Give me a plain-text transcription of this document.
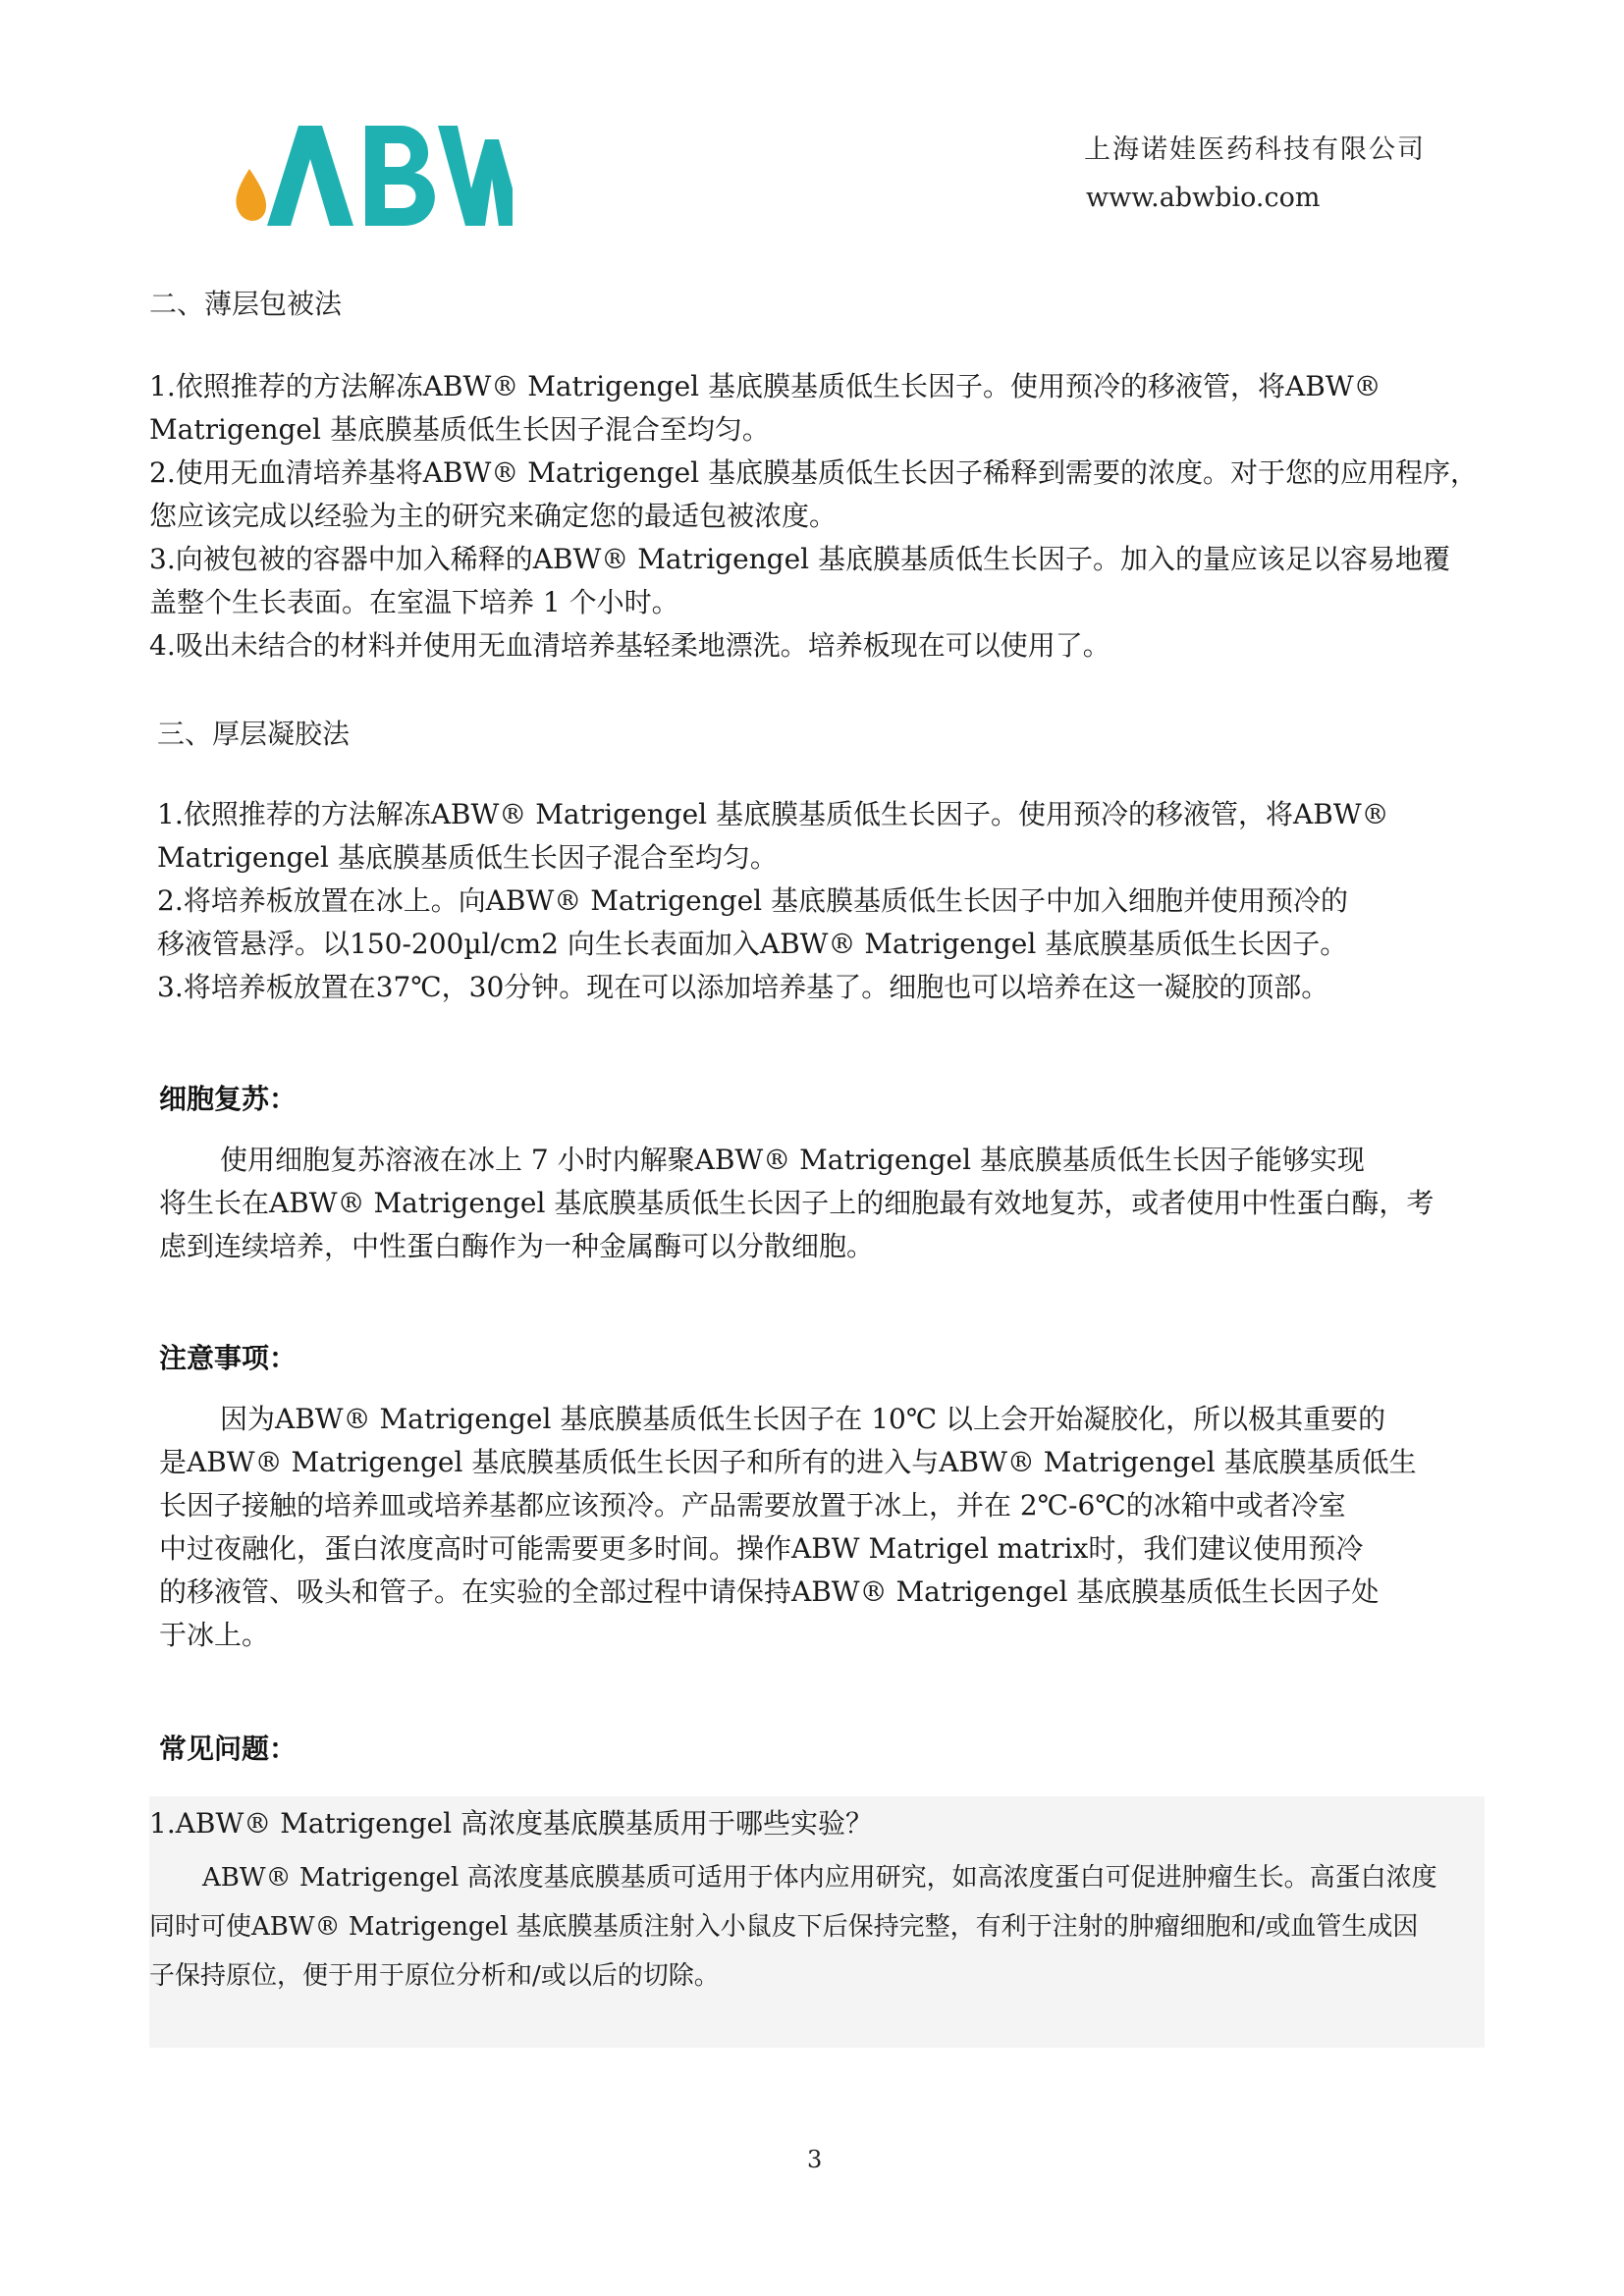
上海诺娃医药科技有限公司
www.abwbio.com
二、薄层包被法
1.依照推荐的方法解冻ABW® Matrigengel 基底膜基质低生长因子。使用预冷的移液管，将ABW®
Matrigengel 基底膜基质低生长因子混合至均匀。
2.使用无血清培养基将ABW® Matrigengel 基底膜基质低生长因子稀释到需要的浓度。对于您的应用程序，
您应该完成以经验为主的研究来确定您的最适包被浓度。
3.向被包被的容器中加入稀释的ABW® Matrigengel 基底膜基质低生长因子。加入的量应该足以容易地覆
盖整个生长表面。在室温下培养 1 个小时。
4.吸出未结合的材料并使用无血清培养基轻柔地漂洗。培养板现在可以使用了。
三、厚层凝胶法
1.依照推荐的方法解冻ABW® Matrigengel 基底膜基质低生长因子。使用预冷的移液管，将ABW®
Matrigengel 基底膜基质低生长因子混合至均匀。
2.将培养板放置在冰上。向ABW® Matrigengel 基底膜基质低生长因子中加入细胞并使用预冷的
移液管悬浮。以150-200µl/cm2 向生长表面加入ABW® Matrigengel 基底膜基质低生长因子。
3.将培养板放置在37℃，30分钟。现在可以添加培养基了。细胞也可以培养在这一凝胶的顶部。
细胞复苏：
使用细胞复苏溶液在冰上 7 小时内解聚ABW® Matrigengel 基底膜基质低生长因子能够实现
将生长在ABW® Matrigengel 基底膜基质低生长因子上的细胞最有效地复苏，或者使用中性蛋白酶，考
虑到连续培养，中性蛋白酶作为一种金属酶可以分散细胞。
注意事项：
因为ABW® Matrigengel 基底膜基质低生长因子在 10℃ 以上会开始凝胶化，所以极其重要的
是ABW® Matrigengel 基底膜基质低生长因子和所有的进入与ABW® Matrigengel 基底膜基质低生
长因子接触的培养皿或培养基都应该预冷。产品需要放置于冰上，并在 2℃-6℃的冰箱中或者冷室
中过夜融化，蛋白浓度高时可能需要更多时间。操作ABW Matrigel matrix时，我们建议使用预冷
的移液管、吸头和管子。在实验的全部过程中请保持ABW® Matrigengel 基底膜基质低生长因子处
于冰上。
常见问题：
1.ABW® Matrigengel 高浓度基底膜基质用于哪些实验？
ABW® Matrigengel 高浓度基底膜基质可适用于体内应用研究，如高浓度蛋白可促进肿瘤生长。高蛋白浓度
同时可使ABW® Matrigengel 基底膜基质注射入小鼠皮下后保持完整，有利于注射的肿瘤细胞和/或血管生成因
子保持原位，便于用于原位分析和/或以后的切除。
3
